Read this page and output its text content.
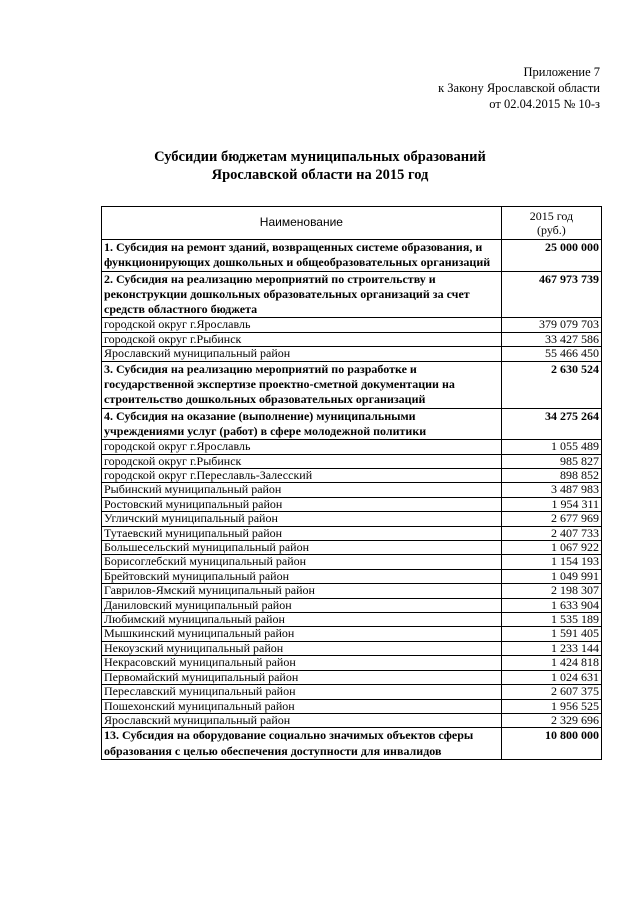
Приложение 7
к Закону Ярославской области
от 02.04.2015 № 10-з
Субсидии бюджетам муниципальных образований
Ярославской области на 2015 год
Наименование	2015 год
(руб.)

1. Субсидия на ремонт зданий, возвращенных системе образования, и функционирующих дошкольных и общеобразовательных организаций	25 000 000
2. Субсидия на реализацию мероприятий по строительству и реконструкции дошкольных образовательных организаций за счет средств областного бюджета	467 973 739
городской округ г.Ярославль	379 079 703
городской округ г.Рыбинск	33 427 586
Ярославский муниципальный район	55 466 450
3. Субсидия на реализацию мероприятий по разработке и государственной экспертизе проектно-сметной документации на строительство дошкольных образовательных организаций	2 630 524
4. Субсидия на оказание (выполнение) муниципальными учреждениями услуг (работ) в сфере молодежной политики	34 275 264
городской округ г.Ярославль	1 055 489
городской округ г.Рыбинск	985 827
городской округ г.Переславль-Залесский	898 852
Рыбинский муниципальный район	3 487 983
Ростовский муниципальный район	1 954 311
Угличский муниципальный район	2 677 969
Тутаевский муниципальный район	2 407 733
Большесельский муниципальный район	1 067 922
Борисоглебский муниципальный район	1 154 193
Брейтовский муниципальный район	1 049 991
Гаврилов-Ямский муниципальный район	2 198 307
Даниловский муниципальный район	1 633 904
Любимский муниципальный район	1 535 189
Мышкинский муниципальный район	1 591 405
Некоузский муниципальный район	1 233 144
Некрасовский муниципальный район	1 424 818
Первомайский муниципальный район	1 024 631
Переславский муниципальный район	2 607 375
Пошехонский муниципальный район	1 956 525
Ярославский муниципальный район	2 329 696
13. Субсидия на оборудование социально значимых объектов сферы образования с целью обеспечения доступности для инвалидов	10 800 000
